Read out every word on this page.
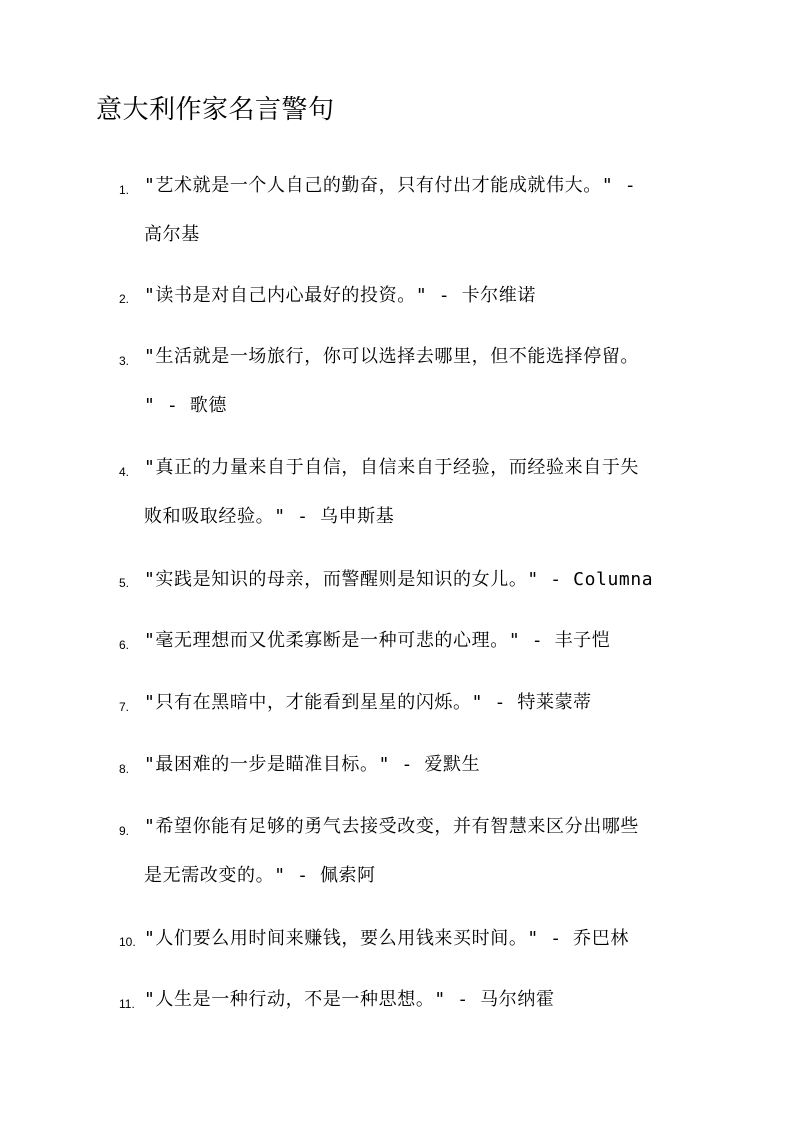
意大利作家名言警句
1. "艺术就是一个人自己的勤奋，只有付出才能成就伟大。" -
高尔基
2. "读书是对自己内心最好的投资。" - 卡尔维诺
3. "生活就是一场旅行，你可以选择去哪里，但不能选择停留。
" - 歌德
4. "真正的力量来自于自信，自信来自于经验，而经验来自于失
败和吸取经验。" - 乌申斯基
5. "实践是知识的母亲，而警醒则是知识的女儿。" - Columna
6. "毫无理想而又优柔寡断是一种可悲的心理。" - 丰子恺
7. "只有在黑暗中，才能看到星星的闪烁。" - 特莱蒙蒂
8. "最困难的一步是瞄准目标。" - 爱默生
9. "希望你能有足够的勇气去接受改变，并有智慧来区分出哪些
是无需改变的。" - 佩索阿
10. "人们要么用时间来赚钱，要么用钱来买时间。" - 乔巴林
11. "人生是一种行动，不是一种思想。" - 马尔纳霍
